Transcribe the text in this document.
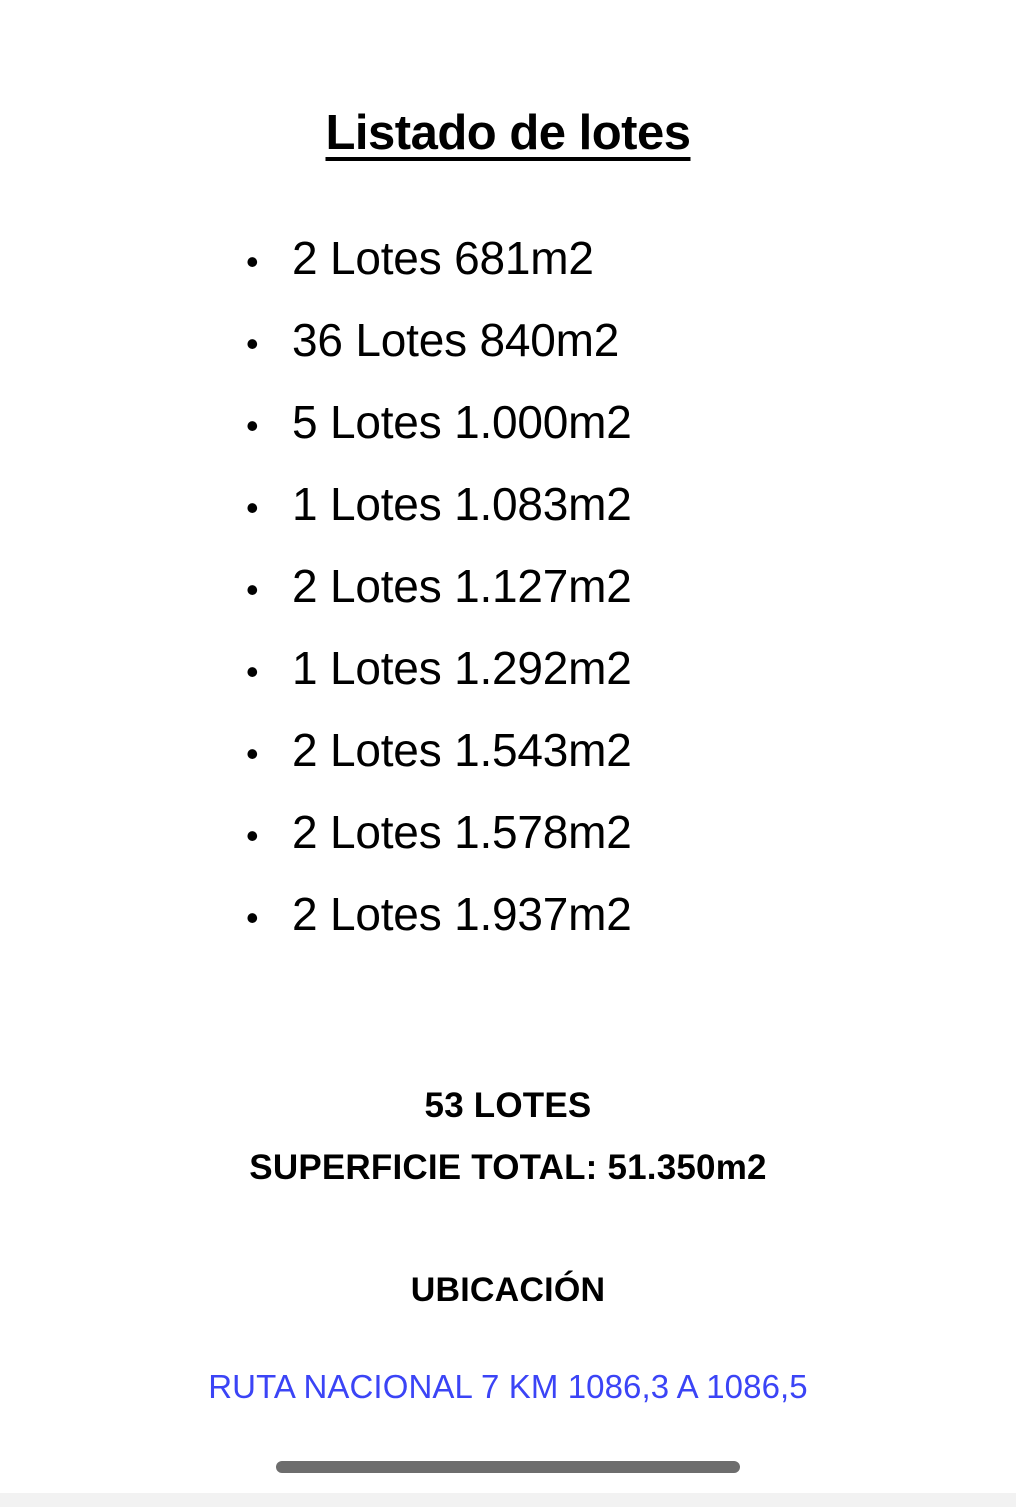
Listado de lotes
• 2 Lotes 681m2
• 36 Lotes 840m2
• 5 Lotes 1.000m2
• 1 Lotes 1.083m2
• 2 Lotes 1.127m2
• 1 Lotes 1.292m2
• 2 Lotes 1.543m2
• 2 Lotes 1.578m2
• 2 Lotes 1.937m2
53 LOTES
SUPERFICIE TOTAL: 51.350m2
UBICACIÓN
RUTA NACIONAL 7 KM 1086,3 A 1086,5
